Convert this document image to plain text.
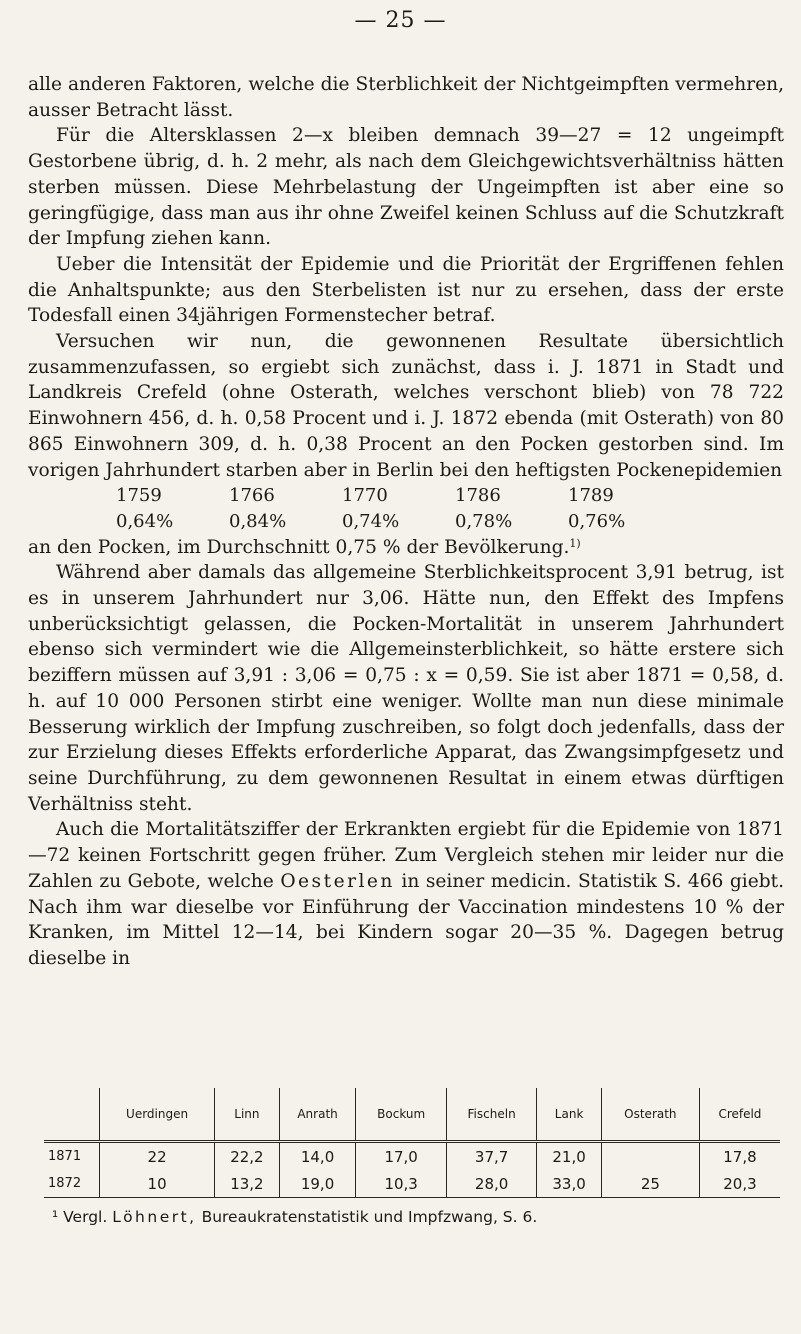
— 25 —

alle anderen Faktoren, welche die Sterblichkeit der Nichtgeimpften vermehren, ausser Betracht lässt.

Für die Altersklassen 2—x bleiben demnach 39—27 = 12 ungeimpft Gestorbene übrig, d. h. 2 mehr, als nach dem Gleichgewichtsverhältniss hätten sterben müssen. Diese Mehrbelastung der Ungeimpften ist aber eine so geringfügige, dass man aus ihr ohne Zweifel keinen Schluss auf die Schutzkraft der Impfung ziehen kann.

Ueber die Intensität der Epidemie und die Priorität der Ergriffenen fehlen die Anhaltspunkte; aus den Sterbelisten ist nur zu ersehen, dass der erste Todesfall einen 34jährigen Formenstecher betraf.

Versuchen wir nun, die gewonnenen Resultate übersichtlich zusammenzufassen, so ergiebt sich zunächst, dass i. J. 1871 in Stadt und Landkreis Crefeld (ohne Osterath, welches verschont blieb) von 78 722 Einwohnern 456, d. h. 0,58 Procent und i. J. 1872 ebenda (mit Osterath) von 80 865 Einwohnern 309, d. h. 0,38 Procent an den Pocken gestorben sind. Im vorigen Jahrhundert starben aber in Berlin bei den heftigsten Pockenepidemien

1759	1766	1770	1786	1789
0,64%	0,84%	0,74%	0,78%	0,76%

an den Pocken, im Durchschnitt 0,75 % der Bevölkerung.$^{1)}$

Während aber damals das allgemeine Sterblichkeitsprocent 3,91 betrug, ist es in unserem Jahrhundert nur 3,06. Hätte nun, den Effekt des Impfens unberücksichtigt gelassen, die Pocken-Mortalität in unserem Jahrhundert ebenso sich vermindert wie die Allgemeinsterblichkeit, so hätte erstere sich beziffern müssen auf 3,91 : 3,06 = 0,75 : x = 0,59. Sie ist aber 1871 = 0,58, d. h. auf 10 000 Personen stirbt eine weniger. Wollte man nun diese minimale Besserung wirklich der Impfung zuschreiben, so folgt doch jedenfalls, dass der zur Erzielung dieses Effekts erforderliche Apparat, das Zwangsimpfgesetz und seine Durchführung, zu dem gewonnenen Resultat in einem etwas dürftigen Verhältniss steht.

Auch die Mortalitätsziffer der Erkrankten ergiebt für die Epidemie von 1871—72 keinen Fortschritt gegen früher. Zum Vergleich stehen mir leider nur die Zahlen zu Gebote, welche Oesterlen in seiner medicin. Statistik S. 466 giebt. Nach ihm war dieselbe vor Einführung der Vaccination mindestens 10 % der Kranken, im Mittel 12—14, bei Kindern sogar 20—35 %. Dagegen betrug dieselbe in

	Uerdingen	Linn	Anrath	Bockum	Fischeln	Lank	Osterath	Crefeld
1871	22	22,2	14,0	17,0	37,7	21,0		17,8
1872	10	13,2	19,0	10,3	28,0	33,0	25	20,3
¹ Vergl. Löhnert, Bureaukratenstatistik und Impfzwang, S. 6.
